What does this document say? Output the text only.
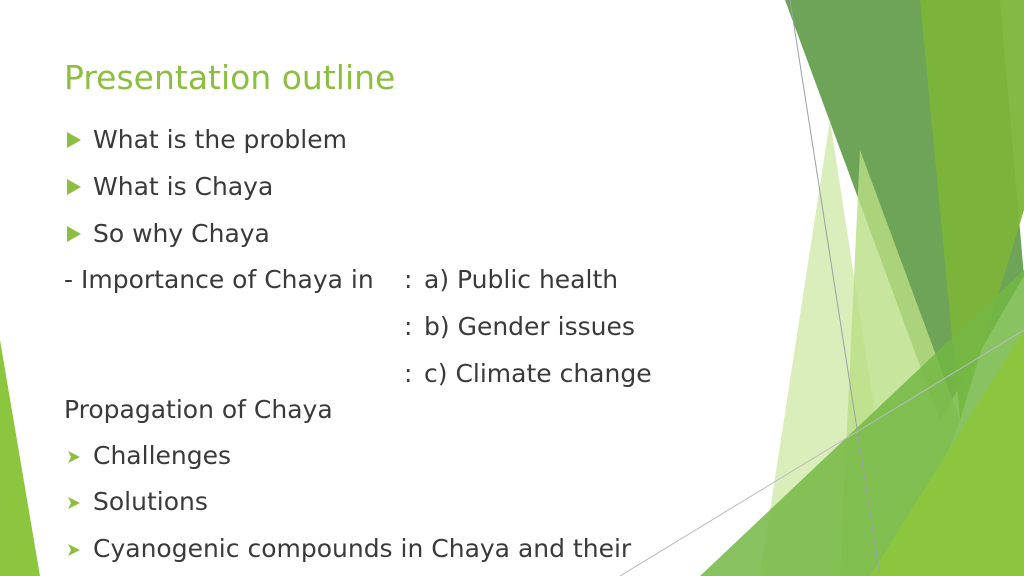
Presentation outline
What is the problem
What is Chaya
So why Chaya
- Importance of Chaya in : a) Public health
: b) Gender issues
: c) Climate change
Propagation of Chaya
Challenges
Solutions
Cyanogenic compounds in Chaya and their
